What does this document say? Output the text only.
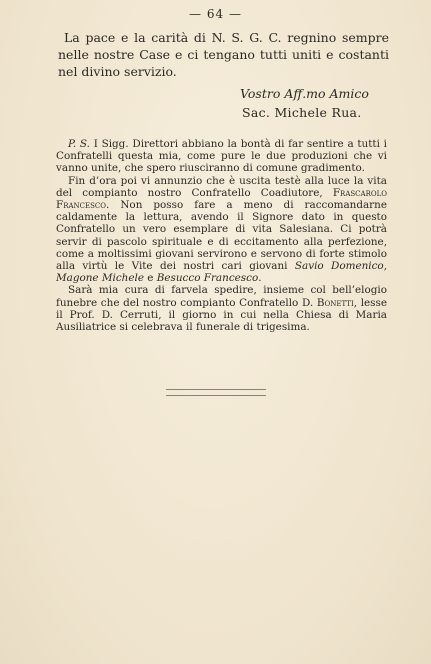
— 64 —

La pace e la carità di N. S. G. C. regnino sempre nelle nostre Case e ci tengano tutti uniti e costanti nel divino servizio.

Vostro Aff.mo Amico
Sac. Michele Rua.

P. S. I Sigg. Direttori abbiano la bontà di far sentire a tutti i Confratelli questa mia, come pure le due produzioni che vi vanno unite, che spero riusciranno di comune gradimento.

Fin d’ora poi vi annunzio che è uscita testè alla luce la vita del compianto nostro Confratello Coadiutore, Frascarolo Francesco. Non posso fare a meno di raccomandarne caldamente la lettura, avendo il Signore dato in questo Confratello un vero esemplare di vita Salesiana. Ci potrà servir di pascolo spirituale e di eccitamento alla perfezione, come a moltissimi giovani servirono e servono di forte stimolo alla virtù le Vite dei nostri cari giovani Savio Domenico, Magone Michele e Besucco Francesco.

Sarà mia cura di farvela spedire, insieme col bell’elogio funebre che del nostro compianto Confratello D. Bonetti, lesse il Prof. D. Cerruti, il giorno in cui nella Chiesa di Maria Ausiliatrice si celebrava il funerale di trigesima.
